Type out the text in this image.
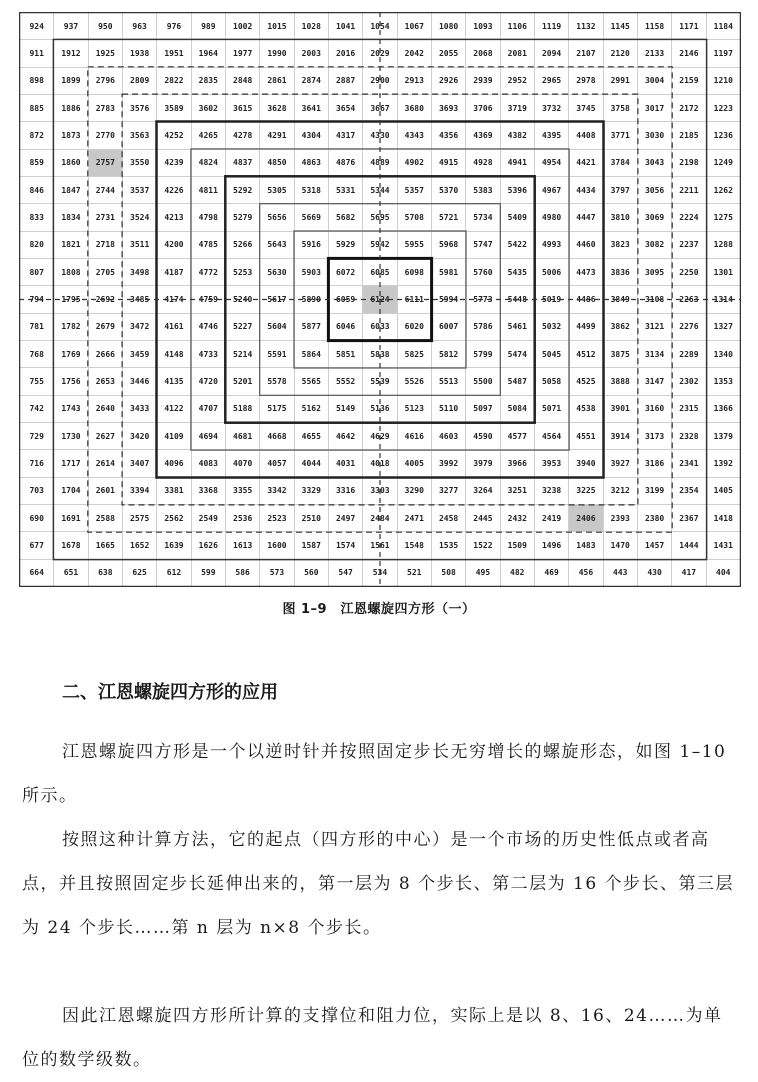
924	937	950	963	976	989	1002	1015	1028	1041	1054	1067	1080	1093	1106	1119	1132	1145	1158	1171	1184
911	1912	1925	1938	1951	1964	1977	1990	2003	2016	2029	2042	2055	2068	2081	2094	2107	2120	2133	2146	1197
898	1899	2796	2809	2822	2835	2848	2861	2874	2887	2900	2913	2926	2939	2952	2965	2978	2991	3004	2159	1210
885	1886	2783	3576	3589	3602	3615	3628	3641	3654	3667	3680	3693	3706	3719	3732	3745	3758	3017	2172	1223
872	1873	2770	3563	4252	4265	4278	4291	4304	4317	4330	4343	4356	4369	4382	4395	4408	3771	3030	2185	1236
859	1860	2757	3550	4239	4824	4837	4850	4863	4876	4889	4902	4915	4928	4941	4954	4421	3784	3043	2198	1249
846	1847	2744	3537	4226	4811	5292	5305	5318	5331	5344	5357	5370	5383	5396	4967	4434	3797	3056	2211	1262
833	1834	2731	3524	4213	4798	5279	5656	5669	5682	5695	5708	5721	5734	5409	4980	4447	3810	3069	2224	1275
820	1821	2718	3511	4200	4785	5266	5643	5916	5929	5942	5955	5968	5747	5422	4993	4460	3823	3082	2237	1288
807	1808	2705	3498	4187	4772	5253	5630	5903	6072	6085	6098	5981	5760	5435	5006	4473	3836	3095	2250	1301
794	1795	2692	3485	4174	4759	5240	5617	5890	6059	6124	6111	5994	5773	5448	5019	4486	3849	3108	2263	1314
781	1782	2679	3472	4161	4746	5227	5604	5877	6046	6033	6020	6007	5786	5461	5032	4499	3862	3121	2276	1327
768	1769	2666	3459	4148	4733	5214	5591	5864	5851	5838	5825	5812	5799	5474	5045	4512	3875	3134	2289	1340
755	1756	2653	3446	4135	4720	5201	5578	5565	5552	5539	5526	5513	5500	5487	5058	4525	3888	3147	2302	1353
742	1743	2640	3433	4122	4707	5188	5175	5162	5149	5136	5123	5110	5097	5084	5071	4538	3901	3160	2315	1366
729	1730	2627	3420	4109	4694	4681	4668	4655	4642	4629	4616	4603	4590	4577	4564	4551	3914	3173	2328	1379
716	1717	2614	3407	4096	4083	4070	4057	4044	4031	4018	4005	3992	3979	3966	3953	3940	3927	3186	2341	1392
703	1704	2601	3394	3381	3368	3355	3342	3329	3316	3303	3290	3277	3264	3251	3238	3225	3212	3199	2354	1405
690	1691	2588	2575	2562	2549	2536	2523	2510	2497	2484	2471	2458	2445	2432	2419	2406	2393	2380	2367	1418
677	1678	1665	1652	1639	1626	1613	1600	1587	1574	1561	1548	1535	1522	1509	1496	1483	1470	1457	1444	1431
664	651	638	625	612	599	586	573	560	547	534	521	508	495	482	469	456	443	430	417	404
图 1–9　江恩螺旋四方形（一）
二、江恩螺旋四方形的应用

江恩螺旋四方形是一个以逆时针并按照固定步长无穷增长的螺旋形态，如图 1–10 所示。

按照这种计算方法，它的起点（四方形的中心）是一个市场的历史性低点或者高点，并且按照固定步长延伸出来的，第一层为 8 个步长、第二层为 16 个步长、第三层为 24 个步长……第 n 层为 n×8 个步长。

因此江恩螺旋四方形所计算的支撑位和阻力位，实际上是以 8、16、24……为单位的数学级数。
